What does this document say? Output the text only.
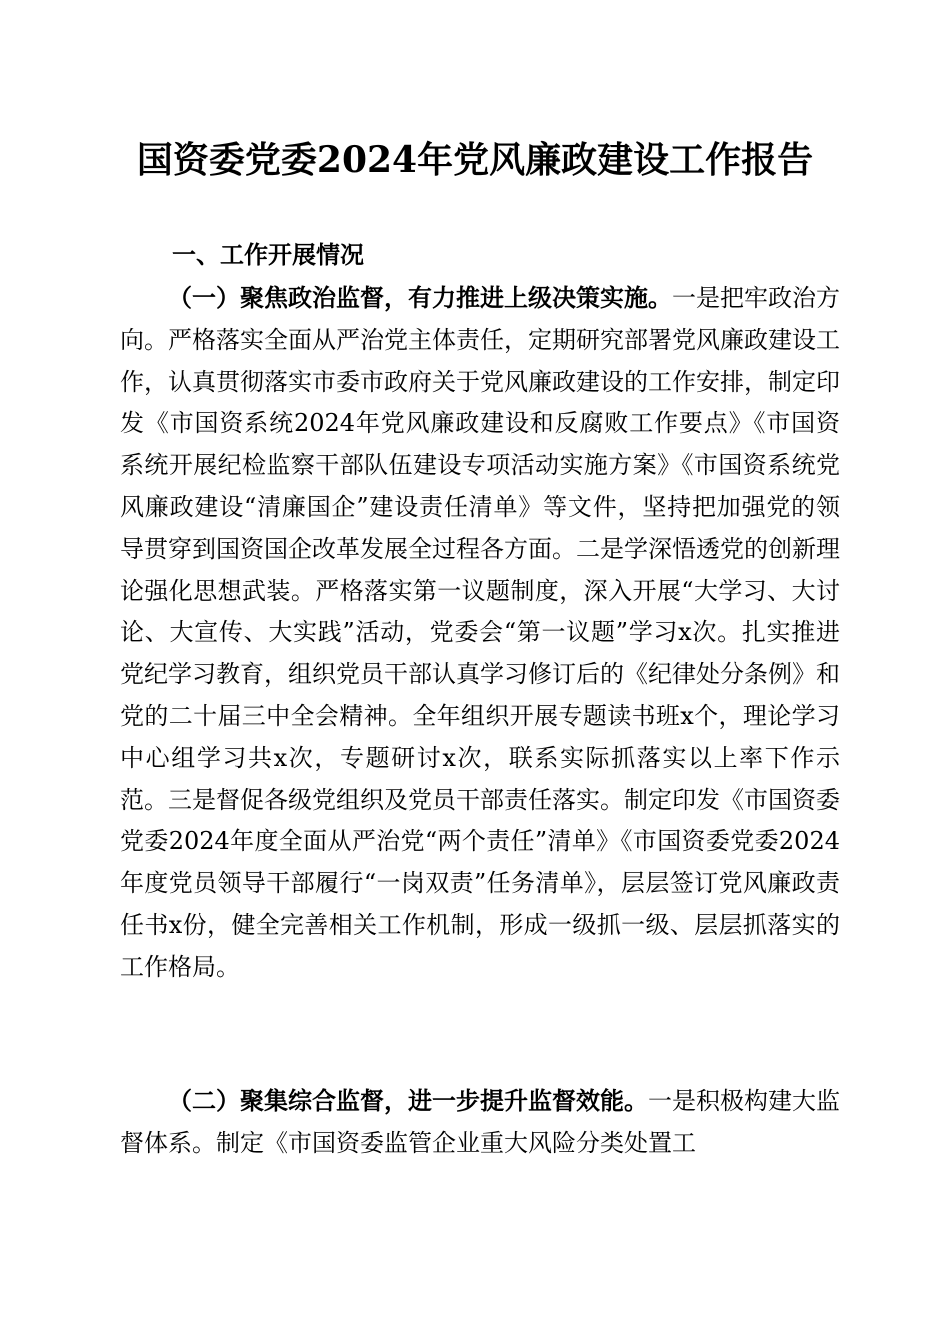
国资委党委2024年党风廉政建设工作报告
一、工作开展情况

（一）聚焦政治监督，有力推进上级决策实施。一是把牢政治方向。严格落实全面从严治党主体责任，定期研究部署党风廉政建设工作，认真贯彻落实市委市政府关于党风廉政建设的工作安排，制定印发《市国资系统2024年党风廉政建设和反腐败工作要点》《市国资系统开展纪检监察干部队伍建设专项活动实施方案》《市国资系统党风廉政建设“清廉国企”建设责任清单》等文件，坚持把加强党的领导贯穿到国资国企改革发展全过程各方面。二是学深悟透党的创新理论强化思想武装。严格落实第一议题制度，深入开展“大学习、大讨论、大宣传、大实践”活动，党委会“第一议题”学习x次。扎实推进党纪学习教育，组织党员干部认真学习修订后的《纪律处分条例》和党的二十届三中全会精神。全年组织开展专题读书班x个，理论学习中心组学习共x次，专题研讨x次，联系实际抓落实以上率下作示范。三是督促各级党组织及党员干部责任落实。制定印发《市国资委党委2024年度全面从严治党“两个责任”清单》《市国资委党委2024年度党员领导干部履行“一岗双责”任务清单》，层层签订党风廉政责任书x份，健全完善相关工作机制，形成一级抓一级、层层抓落实的工作格局。

（二）聚集综合监督，进一步提升监督效能。一是积极构建大监督体系。制定《市国资委监管企业重大风险分类处置工
